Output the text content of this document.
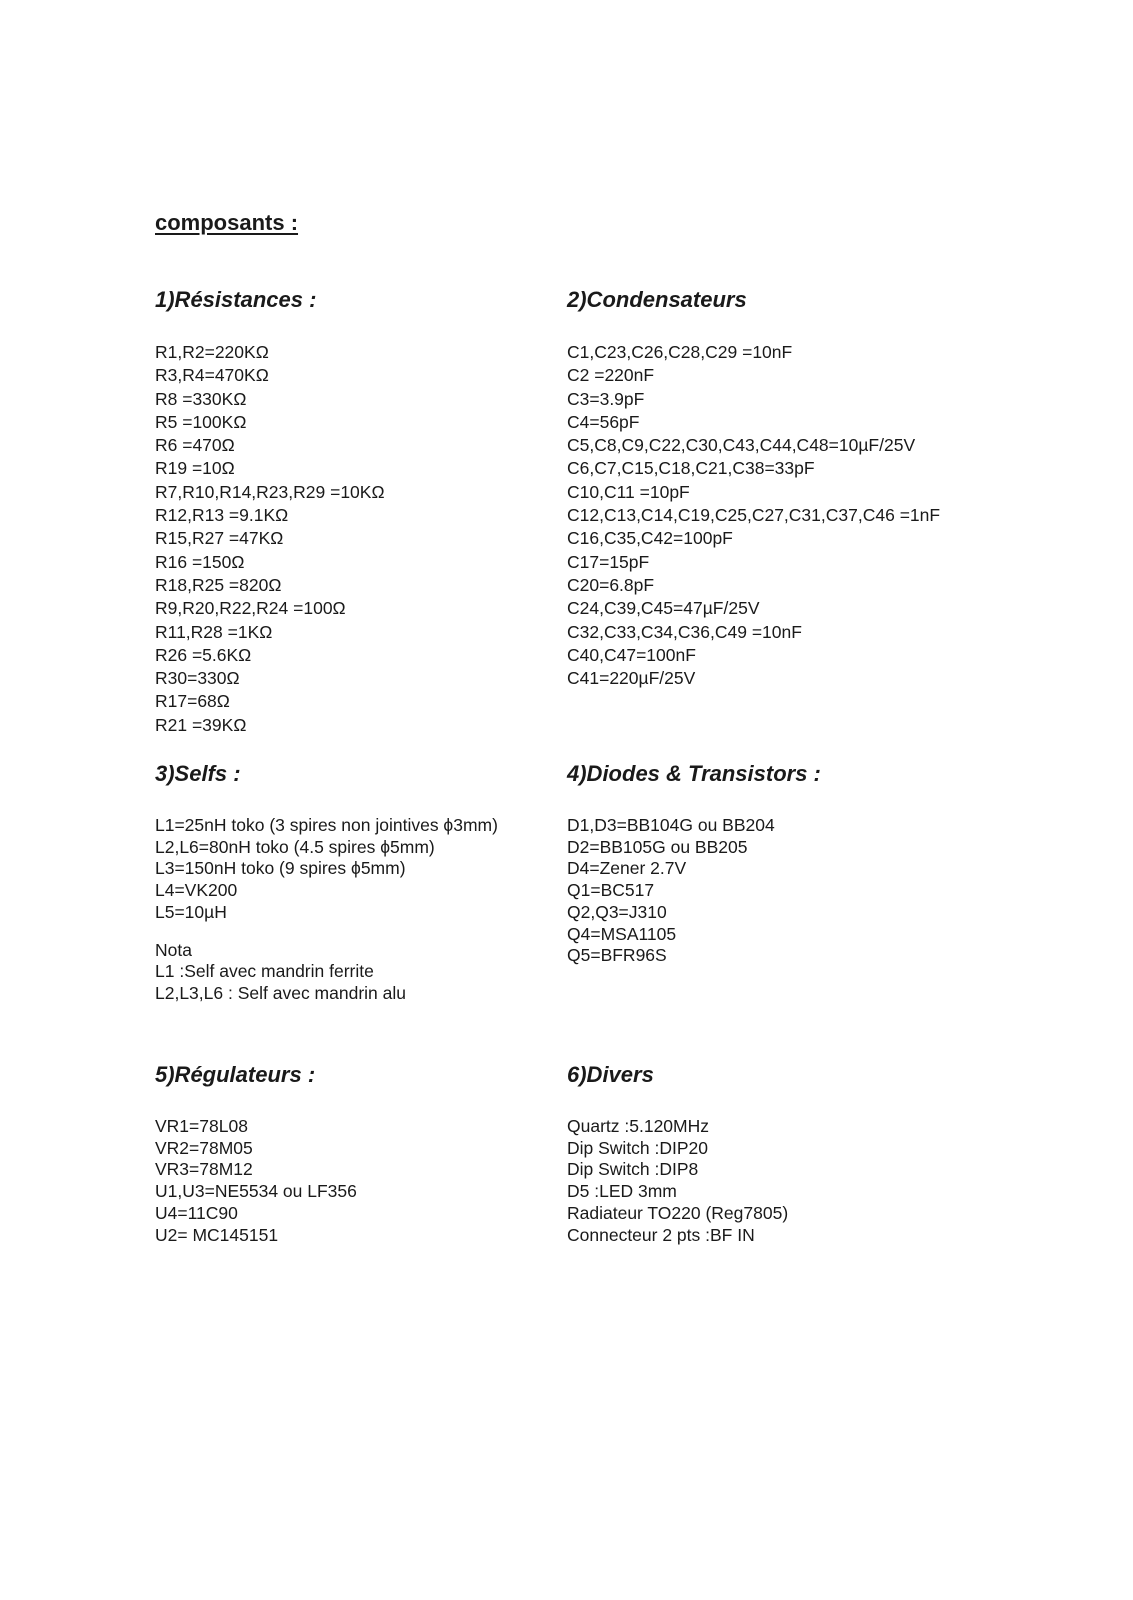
composants :
1)Résistances :
R1,R2=220KΩ
R3,R4=470KΩ
R8 =330KΩ
R5 =100KΩ
R6 =470Ω
R19 =10Ω
R7,R10,R14,R23,R29 =10KΩ
R12,R13 =9.1KΩ
R15,R27 =47KΩ
R16 =150Ω
R18,R25 =820Ω
R9,R20,R22,R24 =100Ω
R11,R28 =1KΩ
R26 =5.6KΩ
R30=330Ω
R17=68Ω
R21 =39KΩ
2)Condensateurs
C1,C23,C26,C28,C29 =10nF
C2 =220nF
C3=3.9pF
C4=56pF
C5,C8,C9,C22,C30,C43,C44,C48=10µF/25V
C6,C7,C15,C18,C21,C38=33pF
C10,C11 =10pF
C12,C13,C14,C19,C25,C27,C31,C37,C46 =1nF
C16,C35,C42=100pF
C17=15pF
C20=6.8pF
C24,C39,C45=47µF/25V
C32,C33,C34,C36,C49 =10nF
C40,C47=100nF
C41=220µF/25V
3)Selfs :
L1=25nH toko (3 spires non jointives ϕ3mm)
L2,L6=80nH toko (4.5 spires ϕ5mm)
L3=150nH toko (9 spires ϕ5mm)
L4=VK200
L5=10µH
Nota
L1 :Self avec mandrin ferrite
L2,L3,L6 : Self avec mandrin alu
4)Diodes & Transistors :
D1,D3=BB104G ou BB204
D2=BB105G ou BB205
D4=Zener 2.7V
Q1=BC517
Q2,Q3=J310
Q4=MSA1105
Q5=BFR96S
5)Régulateurs :
VR1=78L08
VR2=78M05
VR3=78M12
U1,U3=NE5534 ou LF356
U4=11C90
U2= MC145151
6)Divers
Quartz :5.120MHz
Dip Switch :DIP20
Dip Switch :DIP8
D5 :LED 3mm
Radiateur TO220 (Reg7805)
Connecteur 2 pts :BF IN
